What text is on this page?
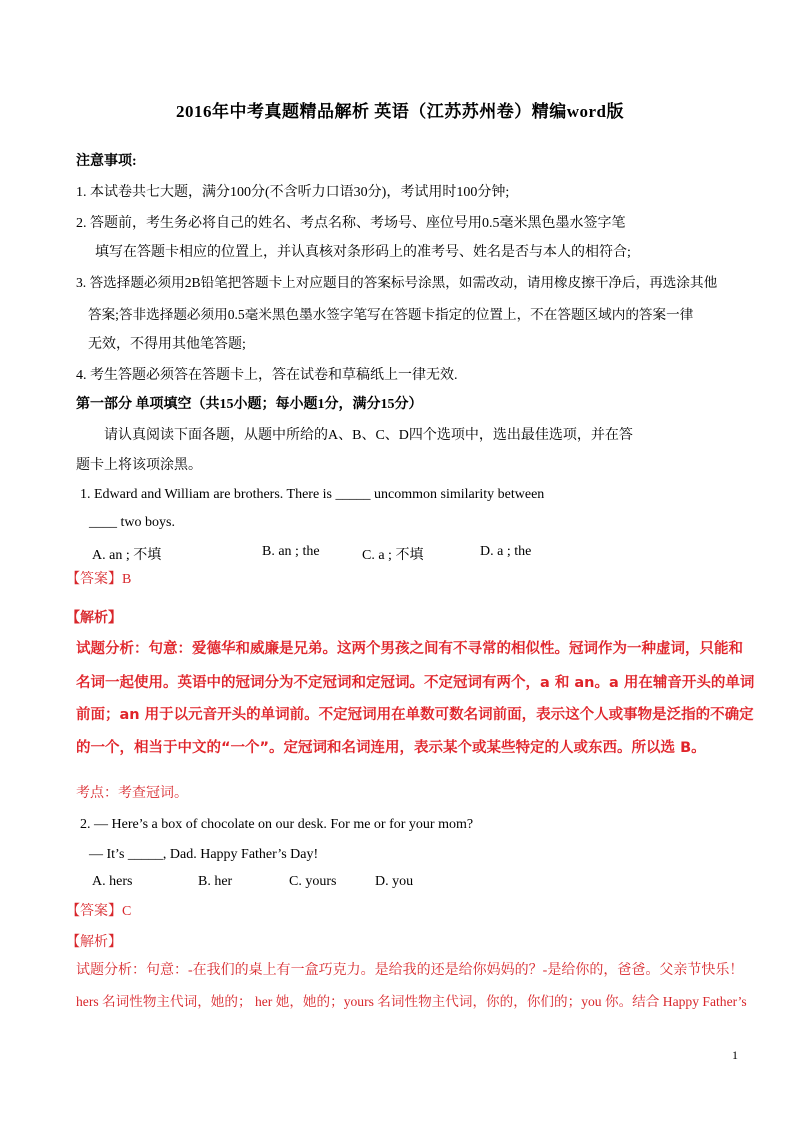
2016年中考真题精品解析 英语（江苏苏州卷）精编word版
注意事项:
1. 本试卷共七大题，满分100分(不含听力口语30分)，考试用时100分钟;
2. 答题前，考生务必将自己的姓名、考点名称、考场号、座位号用0.5毫米黑色墨水签字笔
填写在答题卡相应的位置上，并认真核对条形码上的准考号、姓名是否与本人的相符合;
3. 答选择题必须用2B铅笔把答题卡上对应题目的答案标号涂黑，如需改动，请用橡皮擦干净后，再选涂其他
答案;答非选择题必须用0.5毫米黑色墨水签字笔写在答题卡指定的位置上，不在答题区域内的答案一律
无效，不得用其他笔答题;
4. 考生答题必须答在答题卡上，答在试卷和草稿纸上一律无效.
第一部分 单项填空（共15小题；每小题1分，满分15分）
请认真阅读下面各题，从题中所给的A、B、C、D四个选项中，选出最佳选项，并在答
题卡上将该项涂黑。
1. Edward and William are brothers. There is _____ uncommon similarity between
____ two boys.
A. an ; 不填	B. an ; the	C. a ; 不填	D. a ; the
【答案】B
【解析】
试题分析：句意：爱德华和威廉是兄弟。这两个男孩之间有不寻常的相似性。冠词作为一种虚词，只能和
名词一起使用。英语中的冠词分为不定冠词和定冠词。不定冠词有两个，a 和 an。a 用在辅音开头的单词
前面；an 用于以元音开头的单词前。不定冠词用在单数可数名词前面，表示这个人或事物是泛指的不确定
的一个，相当于中文的“一个”。定冠词和名词连用，表示某个或某些特定的人或东西。所以选 B。
考点：考查冠词。
2. — Here’s a box of chocolate on our desk. For me or for your mom?
— It’s _____, Dad. Happy Father’s Day!
A. hers	B. her	C. yours	D. you
【答案】C
【解析】
试题分析：句意：-在我们的桌上有一盒巧克力。是给我的还是给你妈妈的？-是给你的，爸爸。父亲节快乐！
hers 名词性物主代词，她的； her 她，她的；yours 名词性物主代词，你的，你们的；you 你。结合 Happy Father’s
1
